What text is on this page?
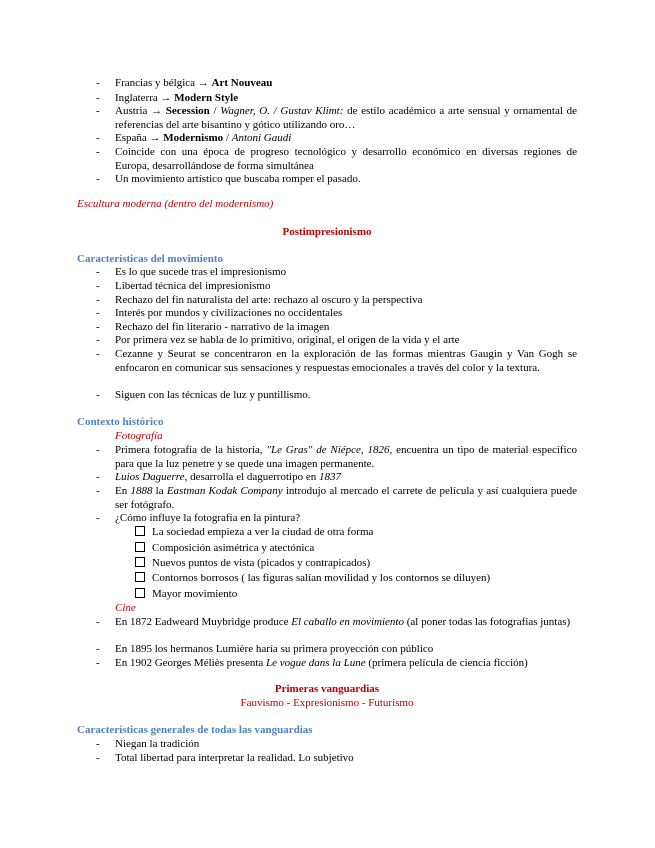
- Francias y bélgica → Art Nouveau
- Inglaterra → Modern Style
- Austria → Secession / Wagner, O. / Gustav Klimt: de estilo académico a arte sensual y ornamental de referencias del arte bisantino y gótico utilizando oro…
- España → Modernismo / Antoni Gaudi
- Coincide con una época de progreso tecnológico y desarrollo económico en diversas regiones de Europa, desarrollándose de forma simultánea
- Un movimiento artístico que buscaba romper el pasado.
Escultura moderna (dentro del modernismo)
Postimpresionismo
Características del movimiento
- Es lo que sucede tras el impresionismo
- Libertad técnica del impresionismo
- Rechazo del fin naturalista del arte: rechazo al oscuro y la perspectiva
- Interés por mundos y civilizaciones no occidentales
- Rechazo del fin literario - narrativo de la imagen
- Por primera vez se habla de lo primitivo, original, el origen de la vida y el arte
- Cezanne y Seurat se concentraron en la exploración de las formas mientras Gaugin y Van Gogh se enfocaron en comunicar sus sensaciones y respuestas emocionales a través del color y la textura.
- Siguen con las técnicas de luz y puntillismo.
Contexto histórico
Fotografía
- Primera fotografía de la historia, "Le Gras" de Niépce, 1826, encuentra un tipo de material específico para que la luz penetre y se quede una imagen permanente.
- Luios Daguerre, desarrolla el daguerrotipo en 1837
- En 1888 la Eastman Kodak Company introdujo al mercado el carrete de película y así cualquiera puede ser fotógrafo.
- ¿Cómo influye la fotografía en la pintura?
La sociedad empieza a ver la ciudad de otra forma
Composición asimétrica y atectónica
Nuevos puntos de vista (picados y contrapicados)
Contornos borrosos ( las figuras salían movilidad y los contornos se diluyen)
Mayor movimiento
Cine
- En 1872 Eadweard Muybridge produce El caballo en movimiento (al poner todas las fotografías juntas)
- En 1895 los hermanos Lumière haría su primera proyección con público
- En 1902 Georges Méliès presenta Le vogue dans la Lune (primera película de ciencia ficción)
Primeras vanguardias
Fauvismo - Expresionismo - Futurismo
Características generales de todas las vanguardias
- Niegan la tradición
- Total libertad para interpretar la realidad. Lo subjetivo
